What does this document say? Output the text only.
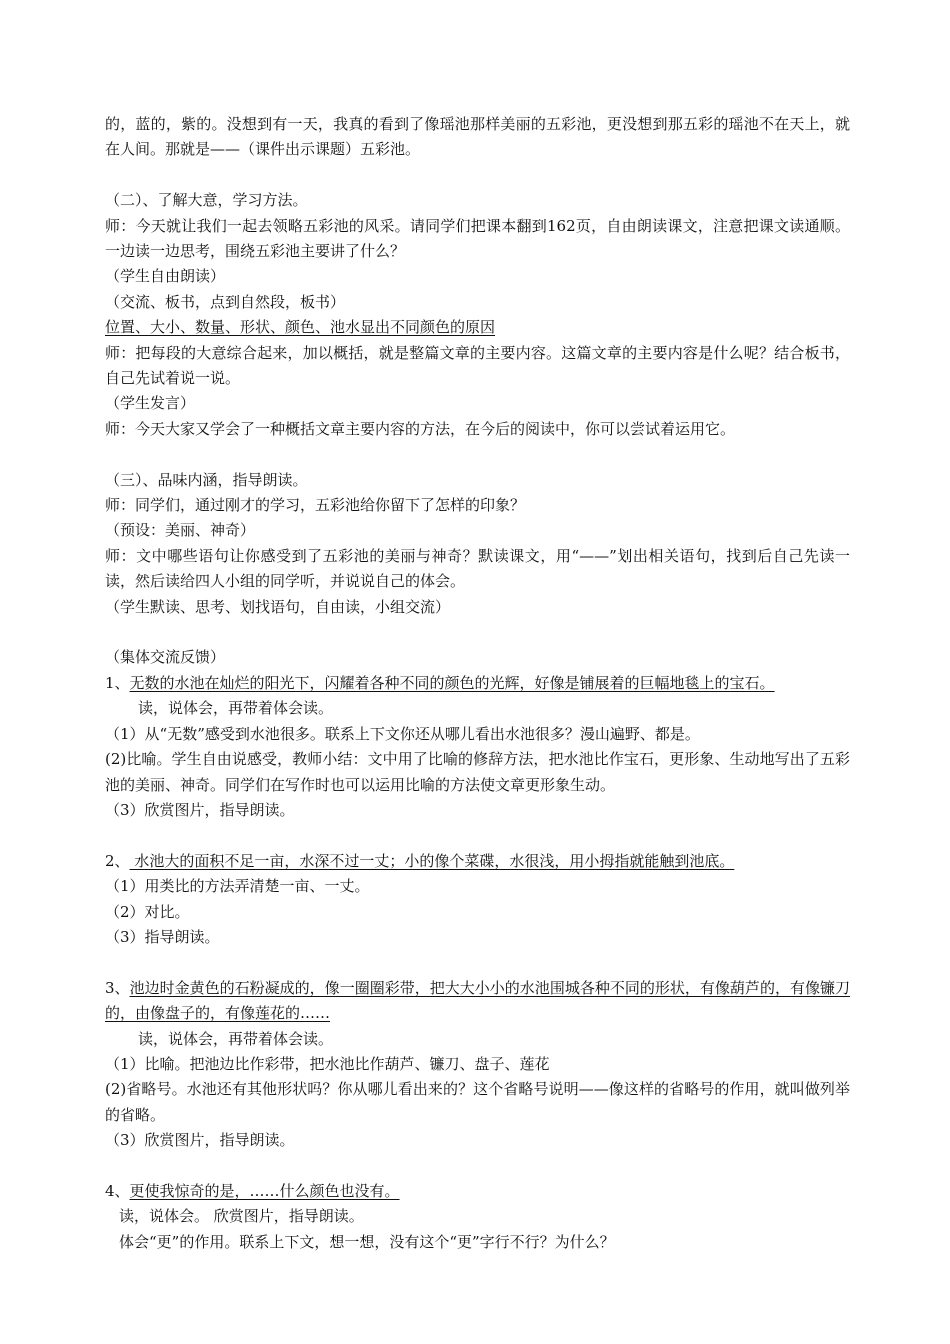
的，蓝的，紫的。没想到有一天，我真的看到了像瑶池那样美丽的五彩池，更没想到那五彩的瑶池不在天上，就在人间。那就是——（课件出示课题）五彩池。

（二）、了解大意，学习方法。

师：今天就让我们一起去领略五彩池的风采。请同学们把课本翻到162页，自由朗读课文，注意把课文读通顺。一边读一边思考，围绕五彩池主要讲了什么？

（学生自由朗读）

（交流、板书，点到自然段，板书）

位置、大小、数量、形状、颜色、池水显出不同颜色的原因

师：把每段的大意综合起来，加以概括，就是整篇文章的主要内容。这篇文章的主要内容是什么呢？结合板书，自己先试着说一说。

（学生发言）

师：今天大家又学会了一种概括文章主要内容的方法，在今后的阅读中，你可以尝试着运用它。

（三）、品味内涵，指导朗读。

师：同学们，通过刚才的学习，五彩池给你留下了怎样的印象？

（预设：美丽、神奇）

师：文中哪些语句让你感受到了五彩池的美丽与神奇？默读课文，用“——”划出相关语句，找到后自己先读一读，然后读给四人小组的同学听，并说说自己的体会。

（学生默读、思考、划找语句，自由读，小组交流）

（集体交流反馈）

1、无数的水池在灿烂的阳光下，闪耀着各种不同的颜色的光辉，好像是铺展着的巨幅地毯上的宝石。

读，说体会，再带着体会读。

（1）从“无数”感受到水池很多。联系上下文你还从哪儿看出水池很多？漫山遍野、都是。

(2)比喻。学生自由说感受，教师小结：文中用了比喻的修辞方法，把水池比作宝石，更形象、生动地写出了五彩池的美丽、神奇。同学们在写作时也可以运用比喻的方法使文章更形象生动。

（3）欣赏图片，指导朗读。

2、 水池大的面积不足一亩，水深不过一丈；小的像个菜碟，水很浅，用小拇指就能触到池底。

（1）用类比的方法弄清楚一亩、一丈。

（2）对比。

（3）指导朗读。

3、池边时金黄色的石粉凝成的，像一圈圈彩带，把大大小小的水池围城各种不同的形状，有像葫芦的，有像镰刀的，由像盘子的，有像莲花的……

读，说体会，再带着体会读。

（1）比喻。把池边比作彩带，把水池比作葫芦、镰刀、盘子、莲花

(2)省略号。水池还有其他形状吗？你从哪儿看出来的？这个省略号说明——像这样的省略号的作用，就叫做列举的省略。

（3）欣赏图片，指导朗读。

4、更使我惊奇的是，……什么颜色也没有。

读，说体会。 欣赏图片，指导朗读。

体会“更”的作用。联系上下文，想一想，没有这个“更”字行不行？为什么？
